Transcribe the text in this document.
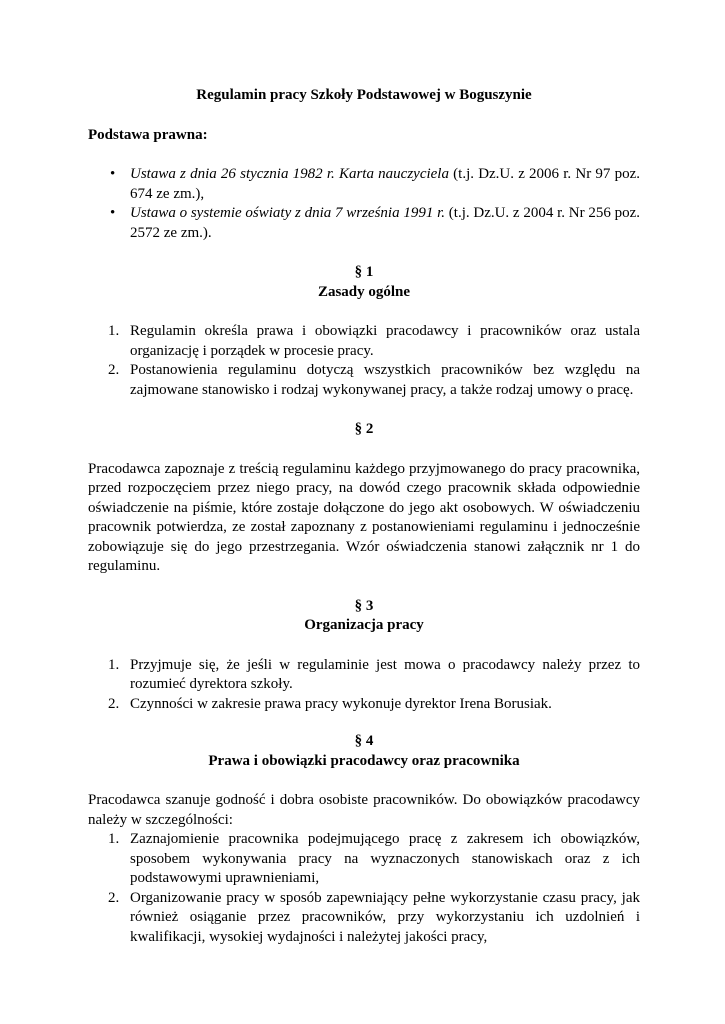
Regulamin pracy Szkoły Podstawowej w Boguszynie

Podstawa prawna:

• Ustawa z dnia 26 stycznia 1982 r. Karta nauczyciela (t.j. Dz.U. z 2006 r. Nr 97 poz. 674 ze zm.),
• Ustawa o systemie oświaty z dnia 7 września 1991 r. (t.j. Dz.U. z 2004 r. Nr 256 poz. 2572 ze zm.).

§ 1

Zasady ogólne

1. Regulamin określa prawa i obowiązki pracodawcy i pracowników oraz ustala organizację i porządek w procesie pracy.
2. Postanowienia regulaminu dotyczą wszystkich pracowników bez względu na zajmowane stanowisko i rodzaj wykonywanej pracy, a także rodzaj umowy o pracę.

§ 2

Pracodawca zapoznaje z treścią regulaminu każdego przyjmowanego do pracy pracownika, przed rozpoczęciem przez niego pracy, na dowód czego pracownik składa odpowiednie oświadczenie na piśmie, które zostaje dołączone do jego akt osobowych. W oświadczeniu pracownik potwierdza, ze został zapoznany z postanowieniami regulaminu i jednocześnie zobowiązuje się do jego przestrzegania. Wzór oświadczenia stanowi załącznik nr 1 do regulaminu.

§ 3

Organizacja pracy

1. Przyjmuje się, że jeśli w regulaminie jest mowa o pracodawcy należy przez to rozumieć dyrektora szkoły.
2. Czynności w zakresie prawa pracy wykonuje dyrektor Irena Borusiak.

§ 4

Prawa i obowiązki pracodawcy oraz pracownika

Pracodawca szanuje godność i dobra osobiste pracowników. Do obowiązków pracodawcy należy w szczególności:

1. Zaznajomienie pracownika podejmującego pracę z zakresem ich obowiązków, sposobem wykonywania pracy na wyznaczonych stanowiskach oraz z ich podstawowymi uprawnieniami,
2. Organizowanie pracy w sposób zapewniający pełne wykorzystanie czasu pracy, jak również osiąganie przez pracowników, przy wykorzystaniu ich uzdolnień i kwalifikacji, wysokiej wydajności i należytej jakości pracy,
